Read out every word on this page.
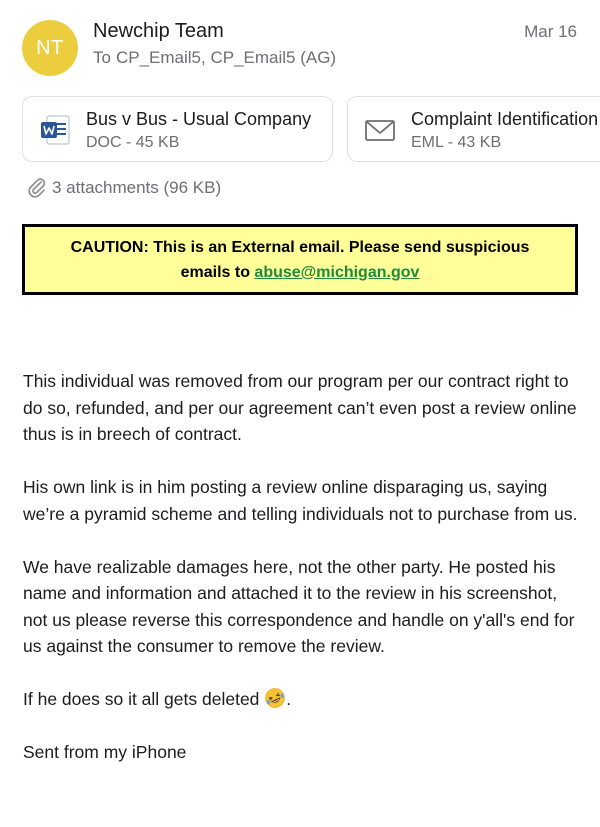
NT
Newchip Team
To CP_Email5, CP_Email5 (AG)
Mar 16
Bus v Bus - Usual Company
DOC - 45 KB
Complaint Identification
EML - 43 KB
3 attachments (96 KB)
CAUTION: This is an External email. Please send suspicious
emails to abuse@michigan.gov

This individual was removed from our program per our contract right to do so, refunded, and per our agreement can’t even post a review online thus is in breech of contract.

His own link is in him posting a review online disparaging us, saying we’re a pyramid scheme and telling individuals not to purchase from us.

We have realizable damages here, not the other party. He posted his name and information and attached it to the review in his screenshot, not us please reverse this correspondence and handle on y'all's end for us against the consumer to remove the review.

If he does so it all gets deleted .

Sent from my iPhone
